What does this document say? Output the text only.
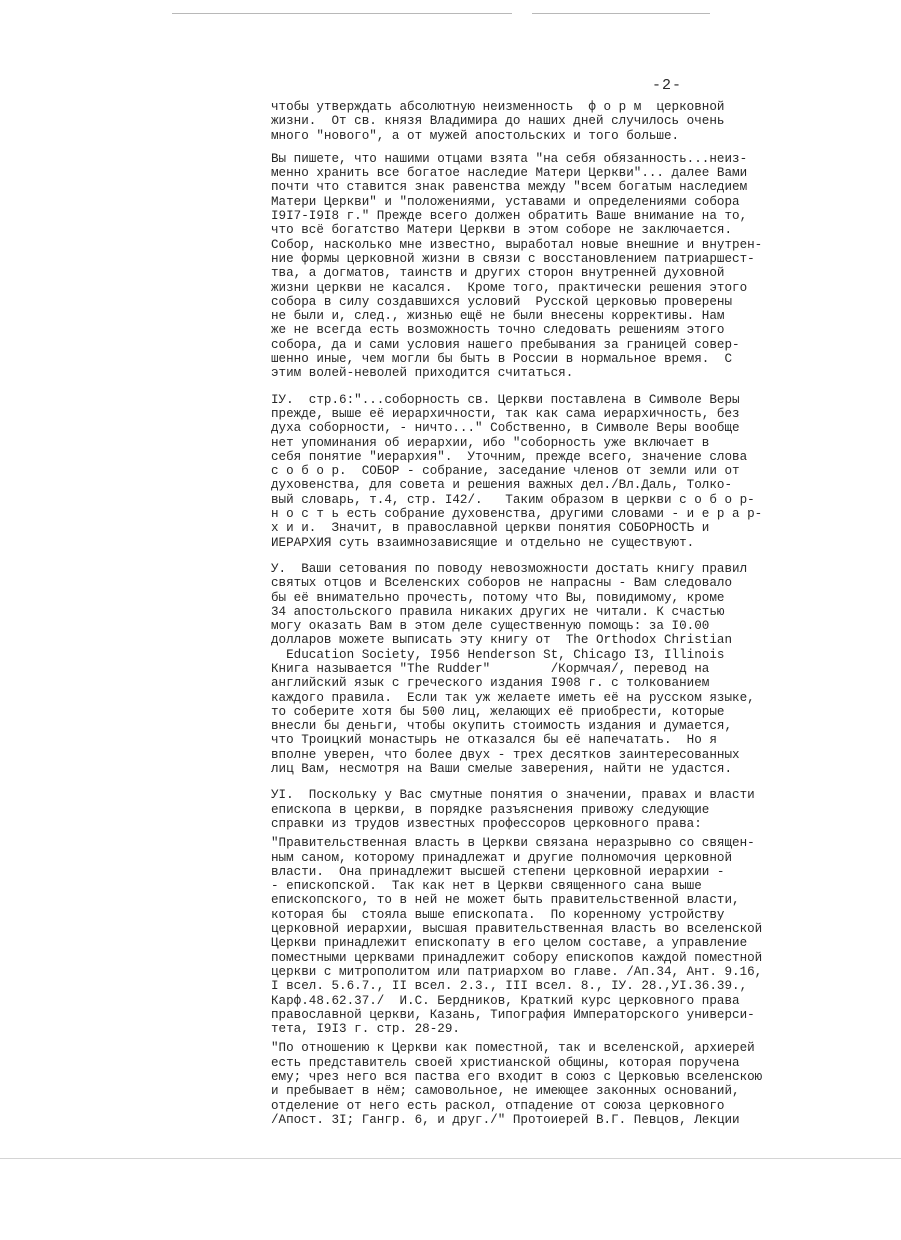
-2-
чтобы утверждать абсолютную неизменность  ф о р м  церковной
жизни.  От св. князя Владимира до наших дней случилось очень
много "нового", а от мужей апостольских и того больше.
Вы пишете, что нашими отцами взята "на себя обязанность...неиз-
менно хранить все богатое наследие Матери Церкви"... далее Вами
почти что ставится знак равенства между "всем богатым наследием
Матери Церкви" и "положениями, уставами и определениями собора
I9I7-I9I8 г." Прежде всего должен обратить Ваше внимание на то,
что всё богатство Матери Церкви в этом соборе не заключается.
Собор, насколько мне известно, выработал новые внешние и внутрен-
ние формы церковной жизни в связи с восстановлением патриаршест-
тва, а догматов, таинств и других сторон внутренней духовной
жизни церкви не касался.  Кроме того, практически решения этого
собора в силу создавшихся условий  Русской церковью проверены
не были и, след., жизнью ещё не были внесены коррективы. Нам
же не всегда есть возможность точно следовать решениям этого
собора, да и сами условия нашего пребывания за границей совер-
шенно иные, чем могли бы быть в России в нормальное время.  С
этим волей-неволей приходится считаться.
IУ.  стр.6:"...соборность св. Церкви поставлена в Символе Веры
прежде, выше её иерархичности, так как сама иерархичность, без
духа соборности, - ничто..." Собственно, в Символе Веры вообще
нет упоминания об иерархии, ибо "соборность уже включает в
себя понятие "иерархия".  Уточним, прежде всего, значение слова
с о б о р.  СОБОР - собрание, заседание членов от земли или от
духовенства, для совета и решения важных дел./Вл.Даль, Толко-
вый словарь, т.4, стр. I42/.   Таким образом в церкви с о б о р-
н о с т ь есть собрание духовенства, другими словами - и е р а р-
х и и.  Значит, в православной церкви понятия СОБОРНОСТЬ и
ИЕРАРХИЯ суть взаимнозависящие и отдельно не существуют.
У.  Ваши сетования по поводу невозможности достать книгу правил
святых отцов и Вселенских соборов не напрасны - Вам следовало
бы её внимательно прочесть, потому что Вы, повидимому, кроме
34 апостольского правила никаких других не читали. К счастью
могу оказать Вам в этом деле существенную помощь: за I0.00
долларов можете выписать эту книгу от  The Orthodox Christian
Education Society, I956 Henderson St, Chicago I3, Illinois
Книга называется "The Rudder"        /Кормчая/, перевод на
английский язык с греческого издания I908 г. с толкованием
каждого правила.  Если так уж желаете иметь её на русском языке,
то соберите хотя бы 500 лиц, желающих её приобрести, которые
внесли бы деньги, чтобы окупить стоимость издания и думается,
что Троицкий монастырь не отказался бы её напечатать.  Но я
вполне уверен, что более двух - трех десятков заинтересованных
лиц Вам, несмотря на Ваши смелые заверения, найти не удастся.
УI.  Поскольку у Вас смутные понятия о значении, правах и власти
епископа в церкви, в порядке разъяснения привожу следующие
справки из трудов известных профессоров церковного права:
"Правительственная власть в Церкви связана неразрывно со священ-
ным саном, которому принадлежат и другие полномочия церковной
власти.  Она принадлежит высшей степени церковной иерархии -
- епископской.  Так как нет в Церкви священного сана выше
епископского, то в ней не может быть правительственной власти,
которая бы  стояла выше епископата.  По коренному устройству
церковной иерархии, высшая правительственная власть во вселенской
Церкви принадлежит епископату в его целом составе, а управление
поместными церквами принадлежит собору епископов каждой поместной
церкви с митрополитом или патриархом во главе. /Ап.34, Ант. 9.16,
I всел. 5.6.7., II всел. 2.3., III всел. 8., IУ. 28.,УI.36.39.,
Карф.48.62.37./  И.С. Бердников, Краткий курс церковного права
православной церкви, Казань, Типография Императорского универси-
тета, I9I3 г. стр. 28-29.
"По отношению к Церкви как поместной, так и вселенской, архиерей
есть представитель своей христианской общины, которая поручена
ему; чрез него вся паства его входит в союз с Церковью вселенскою
и пребывает в нём; самовольное, не имеющее законных оснований,
отделение от него есть раскол, отпадение от союза церковного
/Апост. 3I; Гангр. 6, и друг./" Протоиерей В.Г. Певцов, Лекции
